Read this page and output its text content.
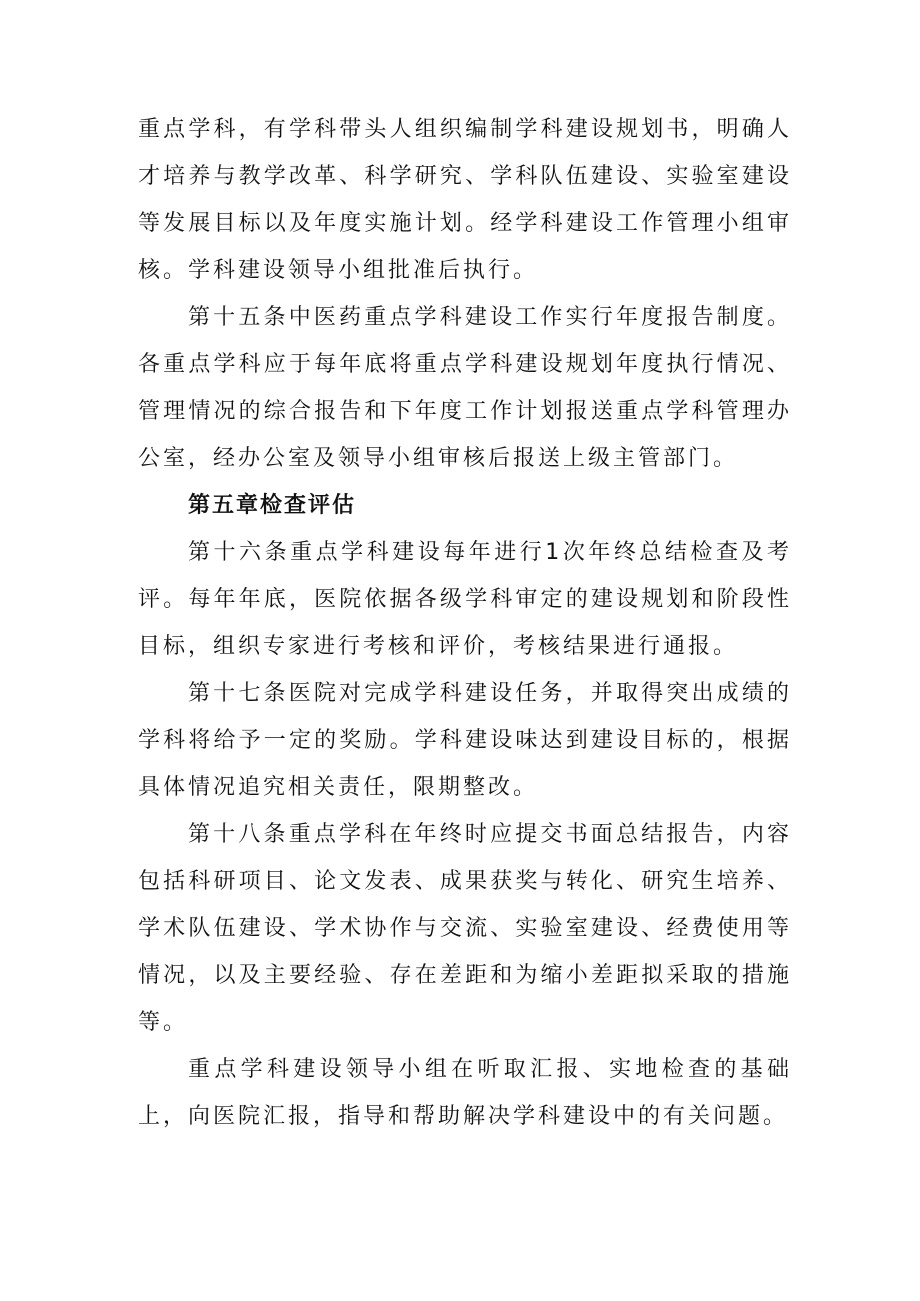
重点学科，有学科带头人组织编制学科建设规划书，明确人才培养与教学改革、科学研究、学科队伍建设、实验室建设等发展目标以及年度实施计划。经学科建设工作管理小组审核。学科建设领导小组批准后执行。

第十五条中医药重点学科建设工作实行年度报告制度。各重点学科应于每年底将重点学科建设规划年度执行情况、管理情况的综合报告和下年度工作计划报送重点学科管理办公室，经办公室及领导小组审核后报送上级主管部门。

第五章检查评估

第十六条重点学科建设每年进行1次年终总结检查及考评。每年年底，医院依据各级学科审定的建设规划和阶段性目标，组织专家进行考核和评价，考核结果进行通报。

第十七条医院对完成学科建设任务，并取得突出成绩的学科将给予一定的奖励。学科建设味达到建设目标的，根据具体情况追究相关责任，限期整改。

第十八条重点学科在年终时应提交书面总结报告，内容包括科研项目、论文发表、成果获奖与转化、研究生培养、学术队伍建设、学术协作与交流、实验室建设、经费使用等情况，以及主要经验、存在差距和为缩小差距拟采取的措施等。

重点学科建设领导小组在听取汇报、实地检查的基础上，向医院汇报，指导和帮助解决学科建设中的有关问题。
